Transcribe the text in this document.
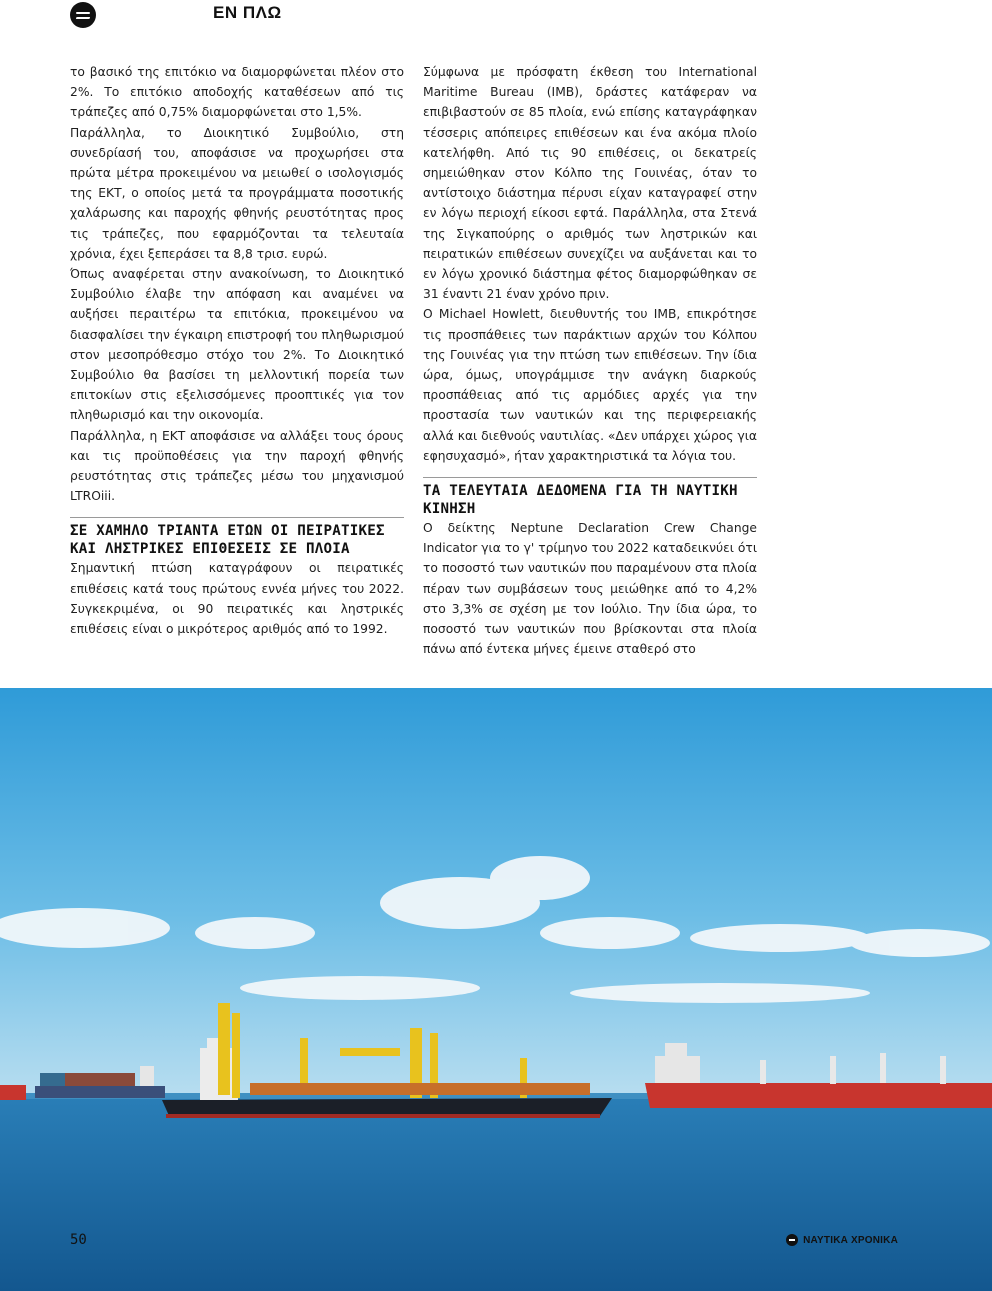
ΕΝ ΠΛΩ

το βασικό της επιτόκιο να διαμορφώνεται πλέον στο 2%. Το επιτόκιο αποδοχής καταθέσεων από τις τράπεζες από 0,75% διαμορφώνεται στο 1,5%.

Παράλληλα, το Διοικητικό Συμβούλιο, στη συνεδρίασή του, αποφάσισε να προχωρήσει στα πρώτα μέτρα προκειμένου να μειωθεί ο ισολογισμός της ΕΚΤ, ο οποίος μετά τα προγράμματα ποσοτικής χαλάρωσης και παροχής φθηνής ρευστότητας προς τις τράπεζες, που εφαρμόζονται τα τελευταία χρόνια, έχει ξεπεράσει τα 8,8 τρισ. ευρώ.

Όπως αναφέρεται στην ανακοίνωση, το Διοικητικό Συμβούλιο έλαβε την απόφαση και αναμένει να αυξήσει περαιτέρω τα επιτόκια, προκειμένου να διασφαλίσει την έγκαιρη επιστροφή του πληθωρισμού στον μεσοπρόθεσμο στόχο του 2%. Το Διοικητικό Συμβούλιο θα βασίσει τη μελλοντική πορεία των επιτοκίων στις εξελισσόμενες προοπτικές για τον πληθωρισμό και την οικονομία.

Παράλληλα, η ΕΚΤ αποφάσισε να αλλάξει τους όρους και τις προϋποθέσεις για την παροχή φθηνής ρευστότητας στις τράπεζες μέσω του μηχανισμού LTROiii.

ΣΕ ΧΑΜΗΛΟ ΤΡΙΑΝΤΑ ΕΤΩΝ ΟΙ ΠΕΙΡΑΤΙΚΕΣ ΚΑΙ ΛΗΣΤΡΙΚΕΣ ΕΠΙΘΕΣΕΙΣ ΣΕ ΠΛΟΙΑ

Σημαντική πτώση καταγράφουν οι πειρατικές επιθέσεις κατά τους πρώτους εννέα μήνες του 2022. Συγκεκριμένα, οι 90 πειρατικές και ληστρικές επιθέσεις είναι ο μικρότερος αριθμός από το 1992.

Σύμφωνα με πρόσφατη έκθεση του International Maritime Bureau (IMB), δράστες κατάφεραν να επιβιβαστούν σε 85 πλοία, ενώ επίσης καταγράφηκαν τέσσερις απόπειρες επιθέσεων και ένα ακόμα πλοίο κατελήφθη. Από τις 90 επιθέσεις, οι δεκατρείς σημειώθηκαν στον Κόλπο της Γουινέας, όταν το αντίστοιχο διάστημα πέρυσι είχαν καταγραφεί στην εν λόγω περιοχή είκοσι εφτά. Παράλληλα, στα Στενά της Σιγκαπούρης ο αριθμός των ληστρικών και πειρατικών επιθέσεων συνεχίζει να αυξάνεται και το εν λόγω χρονικό διάστημα φέτος διαμορφώθηκαν σε 31 έναντι 21 έναν χρόνο πριν.

Ο Michael Howlett, διευθυντής του IMB, επικρότησε τις προσπάθειες των παράκτιων αρχών του Κόλπου της Γουινέας για την πτώση των επιθέσεων. Την ίδια ώρα, όμως, υπογράμμισε την ανάγκη διαρκούς προσπάθειας από τις αρμόδιες αρχές για την προστασία των ναυτικών και της περιφερειακής αλλά και διεθνούς ναυτιλίας. «Δεν υπάρχει χώρος για εφησυχασμό», ήταν χαρακτηριστικά τα λόγια του.

ΤΑ ΤΕΛΕΥΤΑΙΑ ΔΕΔΟΜΕΝΑ ΓΙΑ ΤΗ ΝΑΥΤΙΚΗ ΚΙΝΗΣΗ

Ο δείκτης Neptune Declaration Crew Change Indicator για το γ' τρίμηνο του 2022 καταδεικνύει ότι το ποσοστό των ναυτικών που παραμένουν στα πλοία πέραν των συμβάσεων τους μειώθηκε από το 4,2% στο 3,3% σε σχέση με τον Ιούλιο. Την ίδια ώρα, το ποσοστό των ναυτικών που βρίσκονται στα πλοία πάνω από έντεκα μήνες έμεινε σταθερό στο

50	ΝΑΥΤΙΚΑ ΧΡΟΝΙΚΑ
